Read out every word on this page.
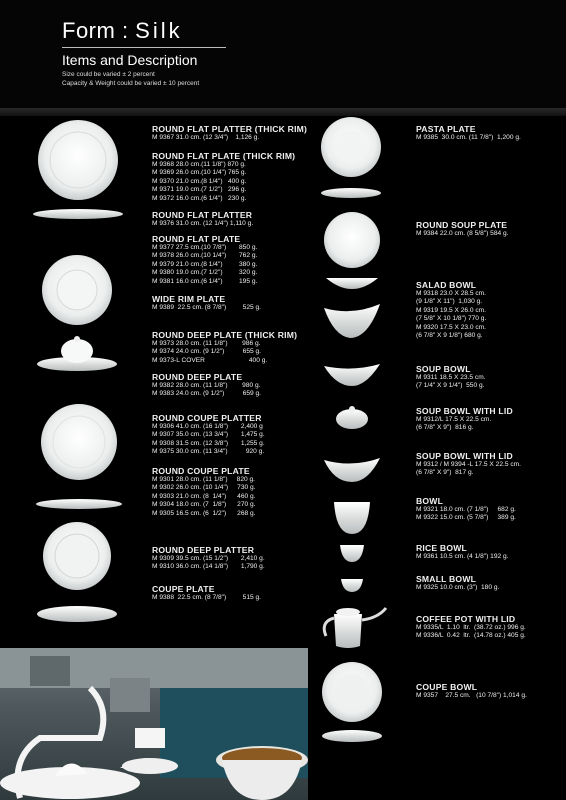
Form : Silk
Items and Description
Size could be varied ± 2 percent
Capacity & Weight could be varied ± 10 percent
ROUND FLAT PLATTER (THICK RIM)
M 9367 31.0 cm. (12 3/4")    1,126 g.
ROUND FLAT PLATE (THICK RIM)
M 9368 28.0 cm.(11 1/8") 870 g.
M 9369 26.0 cm.(10 1/4") 765 g.
M 9370 21.0 cm.(8 1/4")   400 g.
M 9371 19.0 cm.(7 1/2")   296 g.
M 9372 16.0 cm.(6 1/4")   230 g.
ROUND FLAT PLATTER
M 9376 31.0 cm. (12 1/4") 1,110 g.
ROUND FLAT PLATE
M 9377 27.5 cm.(10 7/8")       850 g.
M 9378 26.0 cm.(10 1/4")       762 g.
M 9379 21.0 cm.(8 1/4")         380 g.
M 9380 19.0 cm.(7 1/2")         320 g.
M 9381 16.0 cm.(6 1/4")         195 g.
WIDE RIM PLATE
M 9389  22.5 cm. (8 7/8")         525 g.
ROUND DEEP PLATE (THICK RIM)
M 9373 28.0 cm. (11 1/8")        986 g.
M 9374 24.0 cm. (9 1/2")          655 g.
M 9373-L COVER                        400 g.
ROUND DEEP PLATE
M 9382 28.0 cm. (11 1/8")        980 g.
M 9383 24.0 cm. (9 1/2")          659 g.
ROUND COUPE PLATTER
M 9306 41.0 cm. (16 1/8")       2,400 g
M 9307 35.0 cm. (13 3/4")       1,475 g.
M 9308 31.5 cm. (12 3/8")       1,255 g.
M 9375 30.0 cm. (11 3/4")          920 g.
ROUND COUPE PLATE
M 9301 28.0 cm. (11 1/8")     820 g.
M 9302 26.0 cm. (10 1/4")     730 g.
M 9303 21.0 cm. (8  1/4")      460 g.
M 9304 18.0 cm. (7  1/8")      270 g.
M 9305 16.5 cm. (6  1/2")      268 g.
ROUND DEEP PLATTER
M 9309 39.5 cm. (15 1/2")       2,410 g.
M 9310 36.0 cm. (14 1/8")       1,790 g.
COUPE PLATE
M 9388  22.5 cm. (8 7/8")         515 g.
PASTA PLATE
M 9385  30.0 cm. (11 7/8")  1,200 g.
ROUND SOUP PLATE
M 9384 22.0 cm. (8 5/8") 584 g.
SALAD BOWL
M 9318 23.0 X 28.5 cm.
(9 1/8" X 11")  1,030 g.
M 9319 19.5 X 26.0 cm.
(7 5/8" X 10 1/8") 770 g.
M 9320 17.5 X 23.0 cm.
(6 7/8" X 9 1/8") 680 g.
SOUP BOWL
M 9311 18.5 X 23.5 cm.
(7 1/4" X 9 1/4")  550 g.
SOUP BOWL WITH LID
M 9312/L 17.5 X 22.5 cm.
(6 7/8" X 9")  816 g.
SOUP BOWL WITH LID
M 9312 / M 9394 -L 17.5 X 22.5 cm.
(6 7/8" X 9")  817 g.
BOWL
M 9321 18.0 cm. (7 1/8")     682 g.
M 9322 15.0 cm. (5 7/8")     389 g.
RICE BOWL
M 9361 10.5 cm. (4 1/8") 192 g.
SMALL BOWL
M 9325 10.0 cm. (3")  180 g.
COFFEE POT WITH LID
M 9335/L  1.10  ltr.  (38.72 oz.) 996 g.
M 9336/L  0.42  ltr.  (14.78 oz.) 405 g.
COUPE BOWL
M 9357    27.5 cm.   (10 7/8") 1,014 g.
